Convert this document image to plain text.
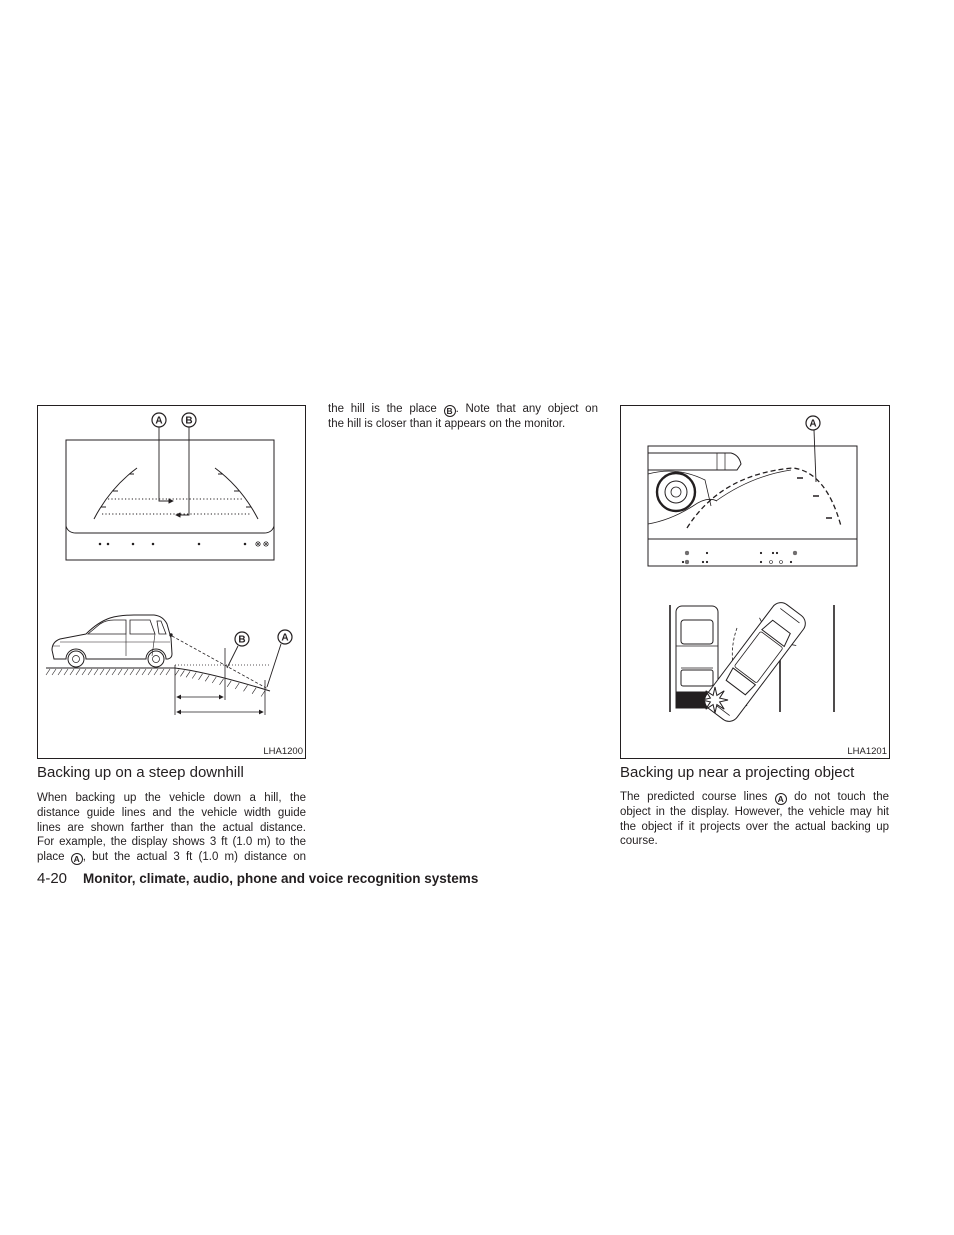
A B
B	A
LHA1200
Backing up on a steep downhill
When backing up the vehicle down a hill, the
distance guide lines and the vehicle width guide
lines are shown farther than the actual distance.
For example, the display shows 3 ft (1.0 m) to the
place A , but the actual 3 ft (1.0 m) distance on
the hill is the place B . Note that any object on
the hill is closer than it appears on the monitor.	A
LHA1201
Backing up near a projecting object
The predicted course lines A do not touch the
object in the display. However, the vehicle may hit
the object if it projects over the actual backing up
course.
4-20	Monitor, climate, audio, phone and voice recognition systems
